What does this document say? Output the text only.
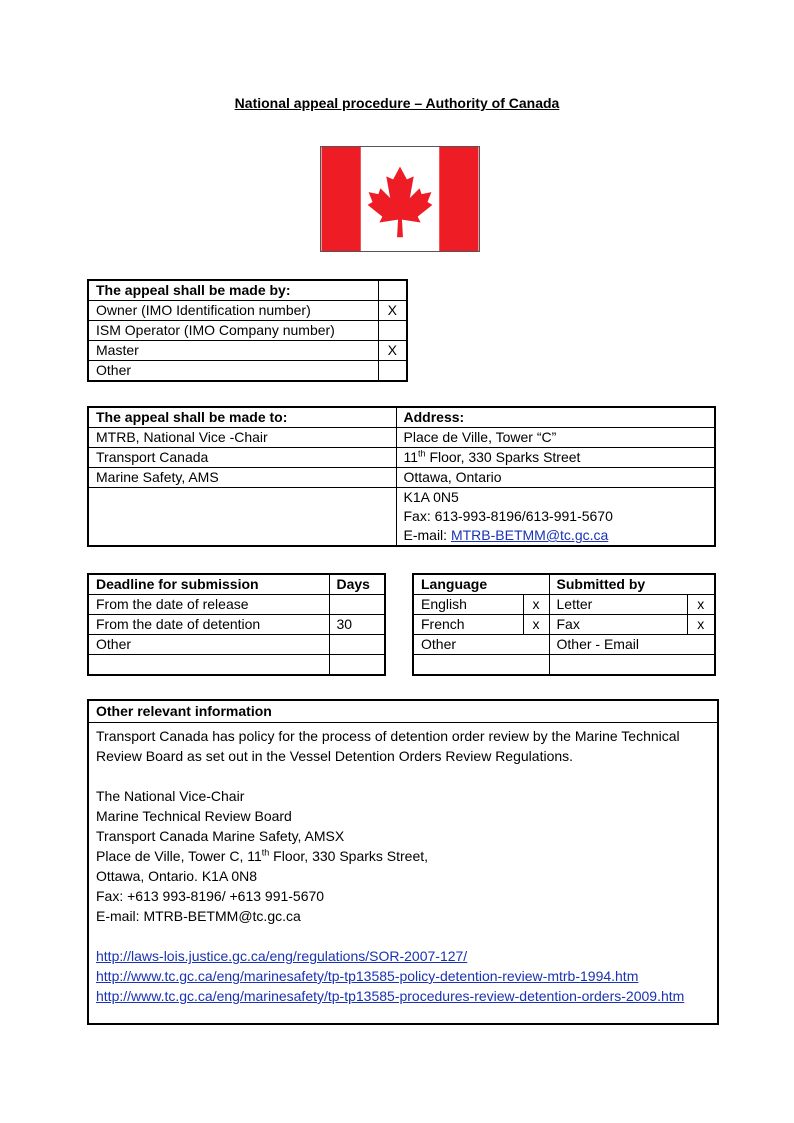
National appeal procedure – Authority of Canada
The appeal shall be made by:	
Owner (IMO Identification number)	X
ISM Operator (IMO Company number)	
Master	X
Other	
The appeal shall be made to:	Address:
MTRB, National Vice -Chair	Place de Ville, Tower “C”
Transport Canada	11th Floor, 330 Sparks Street
Marine Safety, AMS	Ottawa, Ontario
	K1A 0N5
	Fax: 613-993-8196/613-991-5670
	E-mail: MTRB-BETMM@tc.gc.ca
Deadline for submission	Days
From the date of release	
From the date of detention	30
Other	

Language		Submitted by	
English	x	Letter	x
French	x	Fax	x
Other		Other - Email	

Other relevant information
Transport Canada has policy for the process of detention order review by the Marine Technical
Review Board as set out in the Vessel Detention Orders Review Regulations.
The National Vice-Chair
Marine Technical Review Board
Transport Canada Marine Safety, AMSX
Place de Ville, Tower C, 11th Floor, 330 Sparks Street,
Ottawa, Ontario. K1A 0N8
Fax: +613 993-8196/ +613 991-5670
E-mail: MTRB-BETMM@tc.gc.ca
http://laws-lois.justice.gc.ca/eng/regulations/SOR-2007-127/
http://www.tc.gc.ca/eng/marinesafety/tp-tp13585-policy-detention-review-mtrb-1994.htm
http://www.tc.gc.ca/eng/marinesafety/tp-tp13585-procedures-review-detention-orders-2009.htm
